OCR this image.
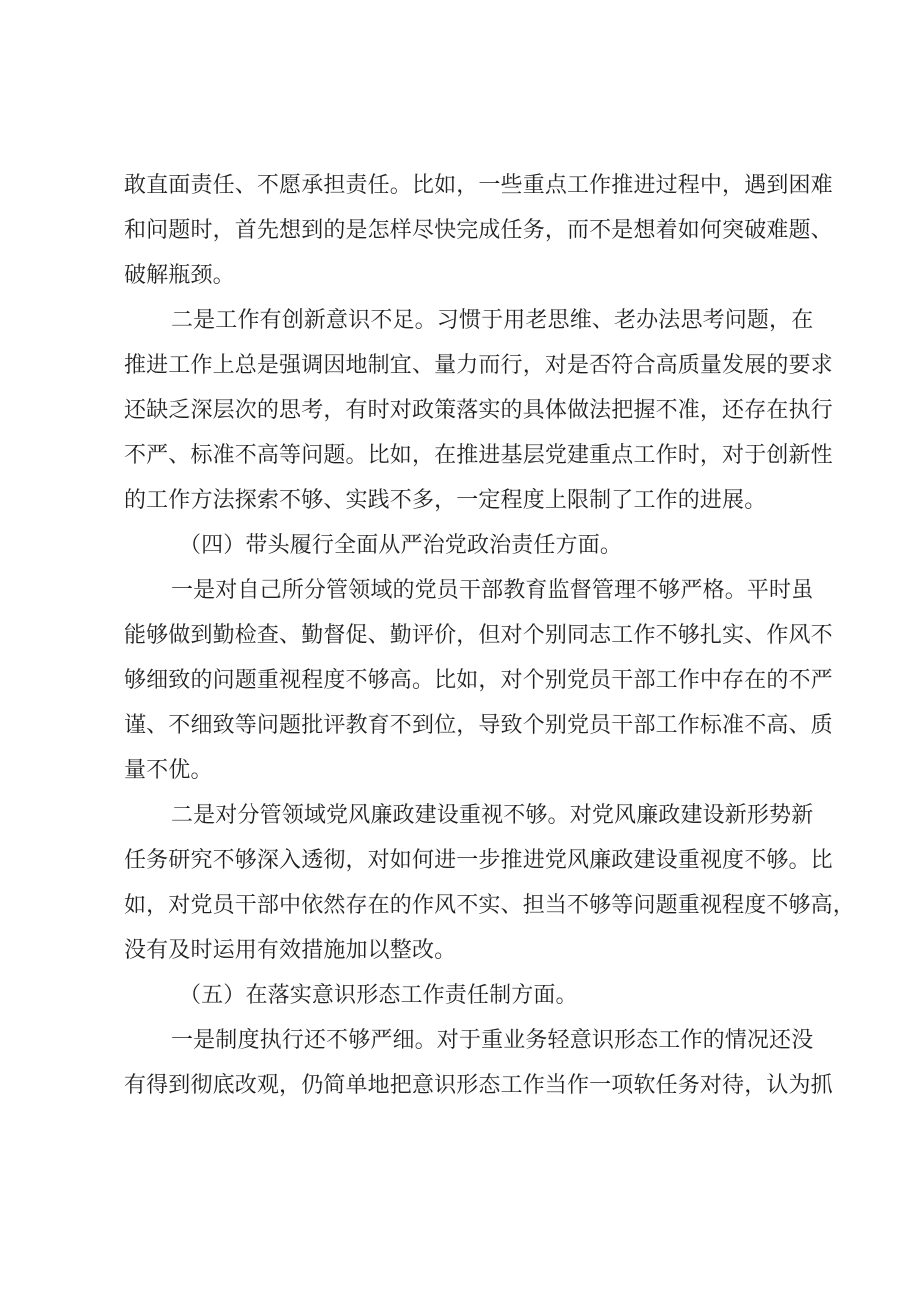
敢直面责任、不愿承担责任。比如，一些重点工作推进过程中，遇到困难
和问题时，首先想到的是怎样尽快完成任务，而不是想着如何突破难题、
破解瓶颈。
二是工作有创新意识不足。习惯于用老思维、老办法思考问题，在
推进工作上总是强调因地制宜、量力而行，对是否符合高质量发展的要求
还缺乏深层次的思考，有时对政策落实的具体做法把握不准，还存在执行
不严、标准不高等问题。比如，在推进基层党建重点工作时，对于创新性
的工作方法探索不够、实践不多，一定程度上限制了工作的进展。
（四）带头履行全面从严治党政治责任方面。
一是对自己所分管领域的党员干部教育监督管理不够严格。平时虽
能够做到勤检查、勤督促、勤评价，但对个别同志工作不够扎实、作风不
够细致的问题重视程度不够高。比如，对个别党员干部工作中存在的不严
谨、不细致等问题批评教育不到位，导致个别党员干部工作标准不高、质
量不优。
二是对分管领域党风廉政建设重视不够。对党风廉政建设新形势新
任务研究不够深入透彻，对如何进一步推进党风廉政建设重视度不够。比
如，对党员干部中依然存在的作风不实、担当不够等问题重视程度不够高，
没有及时运用有效措施加以整改。
（五）在落实意识形态工作责任制方面。
一是制度执行还不够严细。对于重业务轻意识形态工作的情况还没
有得到彻底改观，仍简单地把意识形态工作当作一项软任务对待，认为抓
